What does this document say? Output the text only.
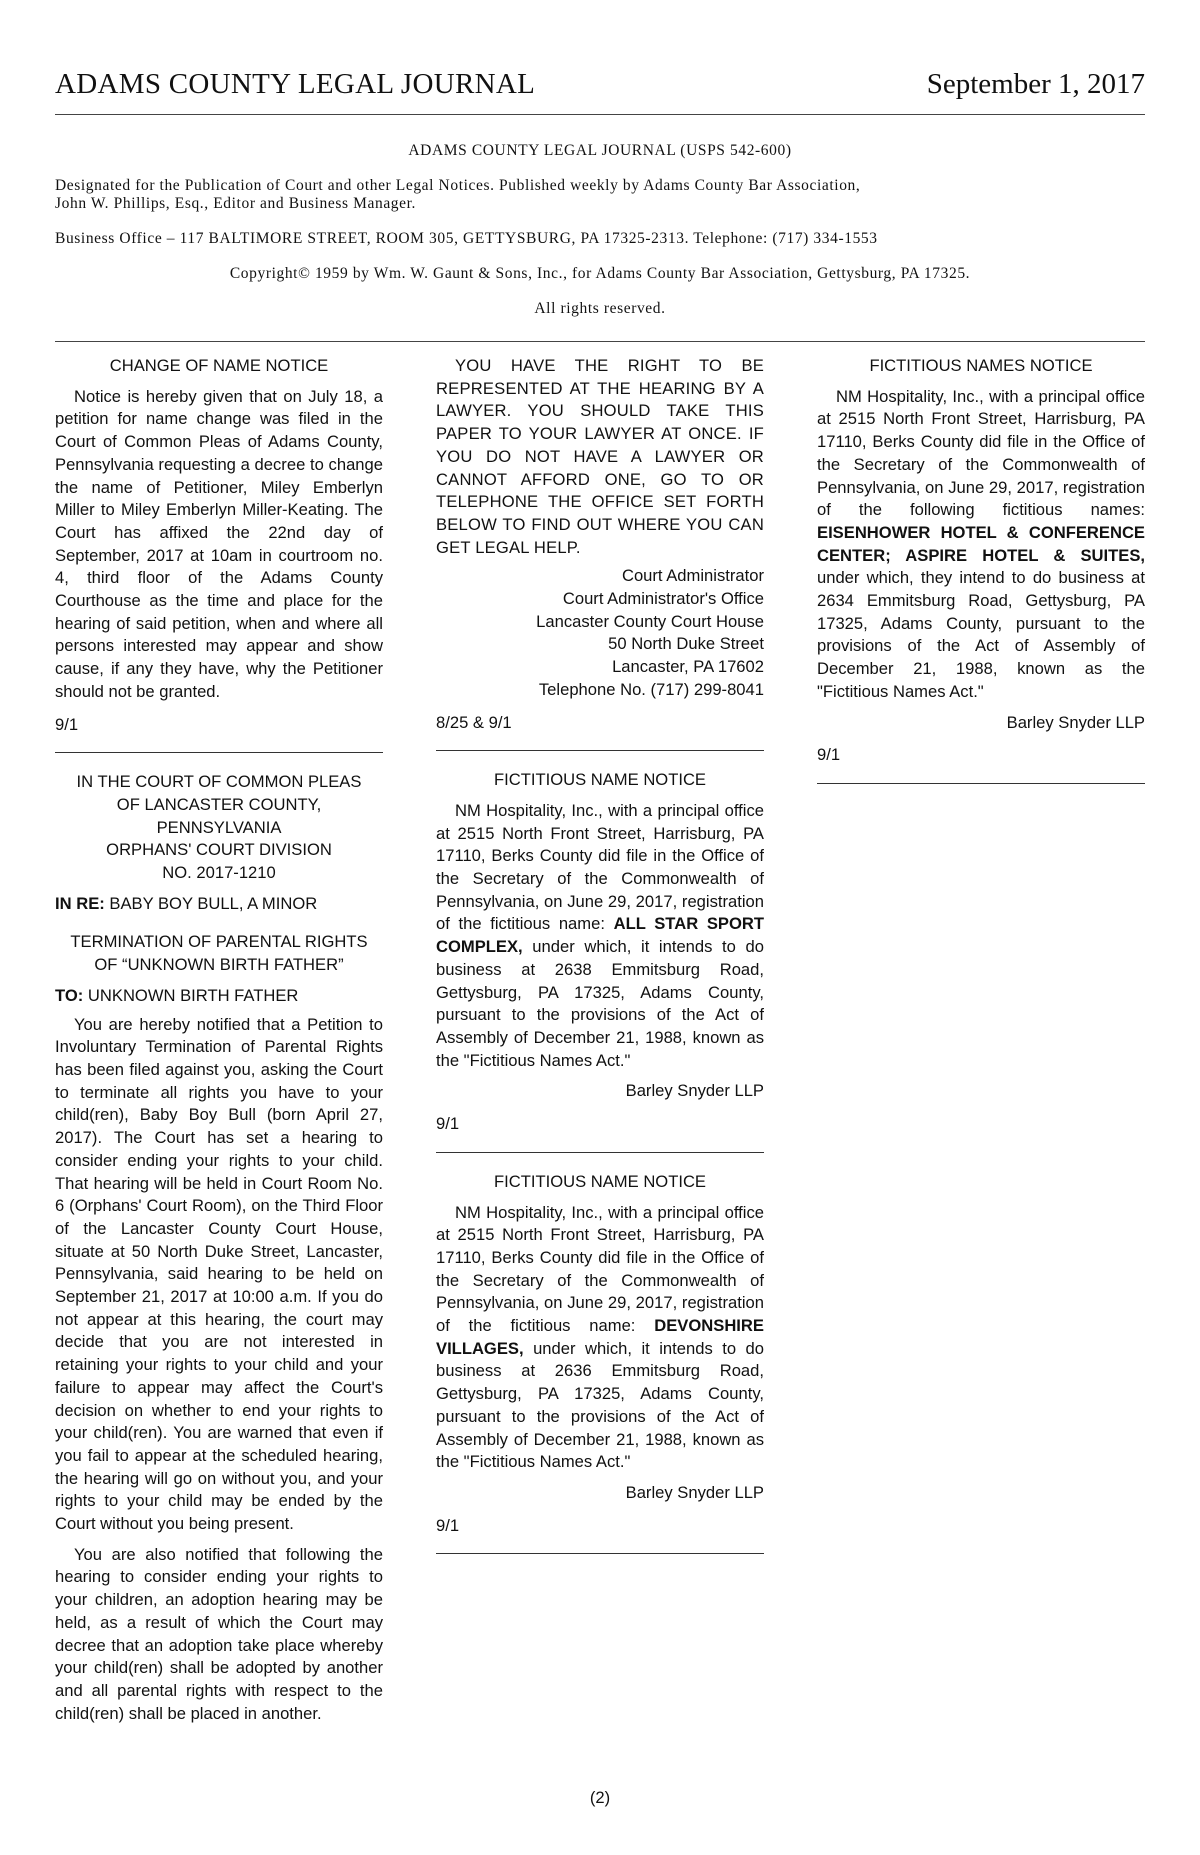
ADAMS COUNTY LEGAL JOURNAL	September 1, 2017
ADAMS COUNTY LEGAL JOURNAL (USPS 542-600)
Designated for the Publication of Court and other Legal Notices. Published weekly by Adams County Bar Association,
John W. Phillips, Esq., Editor and Business Manager.
Business Office – 117 BALTIMORE STREET, ROOM 305, GETTYSBURG, PA 17325-2313. Telephone: (717) 334-1553
Copyright© 1959 by Wm. W. Gaunt & Sons, Inc., for Adams County Bar Association, Gettysburg, PA 17325.
All rights reserved.
CHANGE OF NAME NOTICE
Notice is hereby given that on July 18, a petition for name change was filed in the Court of Common Pleas of Adams County, Pennsylvania requesting a decree to change the name of Petitioner, Miley Emberlyn Miller to Miley Emberlyn Miller-Keating. The Court has affixed the 22nd day of September, 2017 at 10am in courtroom no. 4, third floor of the Adams County Courthouse as the time and place for the hearing of said petition, when and where all persons interested may appear and show cause, if any they have, why the Petitioner should not be granted.
9/1
IN THE COURT OF COMMON PLEAS
OF LANCASTER COUNTY,
PENNSYLVANIA
ORPHANS' COURT DIVISION
NO. 2017-1210
IN RE: BABY BOY BULL, A MINOR
TERMINATION OF PARENTAL RIGHTS
OF “UNKNOWN BIRTH FATHER”
TO: UNKNOWN BIRTH FATHER
You are hereby notified that a Petition to Involuntary Termination of Parental Rights has been filed against you, asking the Court to terminate all rights you have to your child(ren), Baby Boy Bull (born April 27, 2017). The Court has set a hearing to consider ending your rights to your child. That hearing will be held in Court Room No. 6 (Orphans' Court Room), on the Third Floor of the Lancaster County Court House, situate at 50 North Duke Street, Lancaster, Pennsylvania, said hearing to be held on September 21, 2017 at 10:00 a.m. If you do not appear at this hearing, the court may decide that you are not interested in retaining your rights to your child and your failure to appear may affect the Court's decision on whether to end your rights to your child(ren). You are warned that even if you fail to appear at the scheduled hearing, the hearing will go on without you, and your rights to your child may be ended by the Court without you being present.
You are also notified that following the hearing to consider ending your rights to your children, an adoption hearing may be held, as a result of which the Court may decree that an adoption take place whereby your child(ren) shall be adopted by another and all parental rights with respect to the child(ren) shall be placed in another.
YOU HAVE THE RIGHT TO BE REPRESENTED AT THE HEARING BY A LAWYER. YOU SHOULD TAKE THIS PAPER TO YOUR LAWYER AT ONCE. IF YOU DO NOT HAVE A LAWYER OR CANNOT AFFORD ONE, GO TO OR TELEPHONE THE OFFICE SET FORTH BELOW TO FIND OUT WHERE YOU CAN GET LEGAL HELP.
Court Administrator
Court Administrator's Office
Lancaster County Court House
50 North Duke Street
Lancaster, PA 17602
Telephone No. (717) 299-8041
8/25 & 9/1
FICTITIOUS NAME NOTICE
NM Hospitality, Inc., with a principal office at 2515 North Front Street, Harrisburg, PA 17110, Berks County did file in the Office of the Secretary of the Commonwealth of Pennsylvania, on June 29, 2017, registration of the fictitious name: ALL STAR SPORT COMPLEX, under which, it intends to do business at 2638 Emmitsburg Road, Gettysburg, PA 17325, Adams County, pursuant to the provisions of the Act of Assembly of December 21, 1988, known as the "Fictitious Names Act."
Barley Snyder LLP
9/1
FICTITIOUS NAME NOTICE
NM Hospitality, Inc., with a principal office at 2515 North Front Street, Harrisburg, PA 17110, Berks County did file in the Office of the Secretary of the Commonwealth of Pennsylvania, on June 29, 2017, registration of the fictitious name: DEVONSHIRE VILLAGES, under which, it intends to do business at 2636 Emmitsburg Road, Gettysburg, PA 17325, Adams County, pursuant to the provisions of the Act of Assembly of December 21, 1988, known as the "Fictitious Names Act."
Barley Snyder LLP
9/1
FICTITIOUS NAMES NOTICE
NM Hospitality, Inc., with a principal office at 2515 North Front Street, Harrisburg, PA 17110, Berks County did file in the Office of the Secretary of the Commonwealth of Pennsylvania, on June 29, 2017, registration of the following fictitious names: EISENHOWER HOTEL & CONFERENCE CENTER; ASPIRE HOTEL & SUITES, under which, they intend to do business at 2634 Emmitsburg Road, Gettysburg, PA 17325, Adams County, pursuant to the provisions of the Act of Assembly of December 21, 1988, known as the "Fictitious Names Act."
Barley Snyder LLP
9/1
(2)
